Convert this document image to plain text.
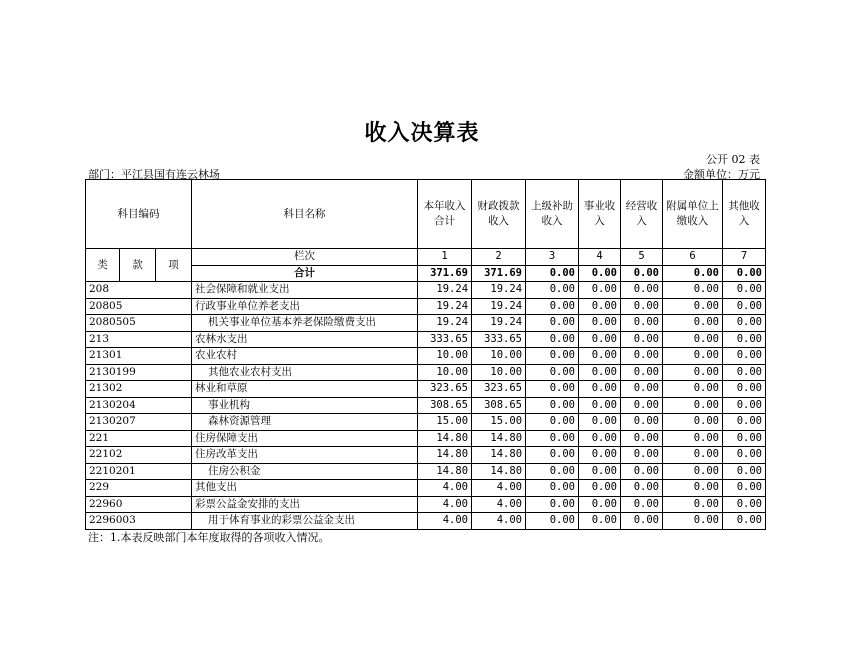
收入决算表
公开 02 表
部门：平江县国有连云林场	金额单位：万元
科目编码			科目名称	本年收入合计	财政拨款收入	上级补助收入	事业收入	经营收入	附属单位上缴收入	其他收入
类	款	项	栏次	1	2	3	4	5	6	7
			合计	371.69	371.69	0.00	0.00	0.00	0.00	0.00
208			社会保障和就业支出	19.24	19.24	0.00	0.00	0.00	0.00	0.00
20805			行政事业单位养老支出	19.24	19.24	0.00	0.00	0.00	0.00	0.00
2080505			机关事业单位基本养老保险缴费支出	19.24	19.24	0.00	0.00	0.00	0.00	0.00
213			农林水支出	333.65	333.65	0.00	0.00	0.00	0.00	0.00
21301			农业农村	10.00	10.00	0.00	0.00	0.00	0.00	0.00
2130199			其他农业农村支出	10.00	10.00	0.00	0.00	0.00	0.00	0.00
21302			林业和草原	323.65	323.65	0.00	0.00	0.00	0.00	0.00
2130204			事业机构	308.65	308.65	0.00	0.00	0.00	0.00	0.00
2130207			森林资源管理	15.00	15.00	0.00	0.00	0.00	0.00	0.00
221			住房保障支出	14.80	14.80	0.00	0.00	0.00	0.00	0.00
22102			住房改革支出	14.80	14.80	0.00	0.00	0.00	0.00	0.00
2210201			住房公积金	14.80	14.80	0.00	0.00	0.00	0.00	0.00
229			其他支出	4.00	4.00	0.00	0.00	0.00	0.00	0.00
22960			彩票公益金安排的支出	4.00	4.00	0.00	0.00	0.00	0.00	0.00
2296003			用于体育事业的彩票公益金支出	4.00	4.00	0.00	0.00	0.00	0.00	0.00
注：1.本表反映部门本年度取得的各项收入情况。
